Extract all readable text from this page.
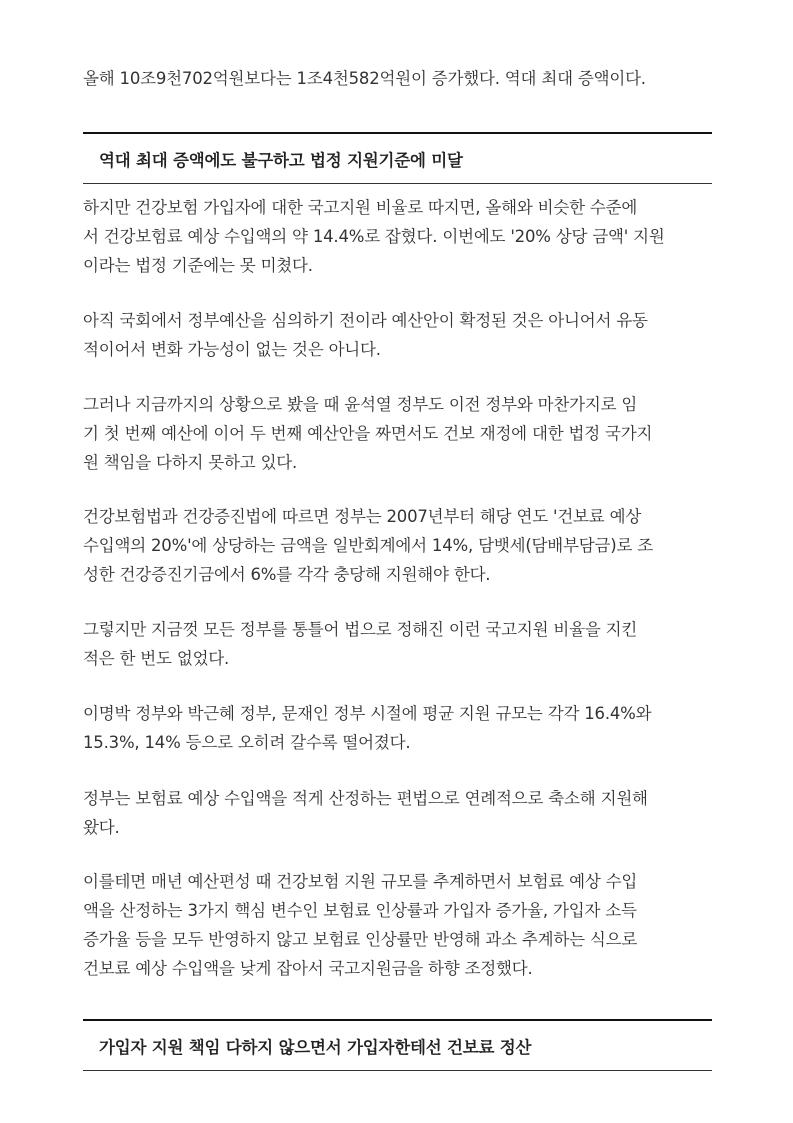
올해 10조9천702억원보다는 1조4천582억원이 증가했다. 역대 최대 증액이다.

역대 최대 증액에도 불구하고 법정 지원기준에 미달

하지만 건강보험 가입자에 대한 국고지원 비율로 따지면, 올해와 비슷한 수준에
서 건강보험료 예상 수입액의 약 14.4%로 잡혔다. 이번에도 '20% 상당 금액' 지원
이라는 법정 기준에는 못 미쳤다.

아직 국회에서 정부예산을 심의하기 전이라 예산안이 확정된 것은 아니어서 유동
적이어서 변화 가능성이 없는 것은 아니다.

그러나 지금까지의 상황으로 봤을 때 윤석열 정부도 이전 정부와 마찬가지로 임
기 첫 번째 예산에 이어 두 번째 예산안을 짜면서도 건보 재정에 대한 법정 국가지
원 책임을 다하지 못하고 있다.

건강보험법과 건강증진법에 따르면 정부는 2007년부터 해당 연도 '건보료 예상
수입액의 20%'에 상당하는 금액을 일반회계에서 14%, 담뱃세(담배부담금)로 조
성한 건강증진기금에서 6%를 각각 충당해 지원해야 한다.

그렇지만 지금껏 모든 정부를 통틀어 법으로 정해진 이런 국고지원 비율을 지킨
적은 한 번도 없었다.

이명박 정부와 박근혜 정부, 문재인 정부 시절에 평균 지원 규모는 각각 16.4%와
15.3%, 14% 등으로 오히려 갈수록 떨어졌다.

정부는 보험료 예상 수입액을 적게 산정하는 편법으로 연례적으로 축소해 지원해
왔다.

이를테면 매년 예산편성 때 건강보험 지원 규모를 추계하면서 보험료 예상 수입
액을 산정하는 3가지 핵심 변수인 보험료 인상률과 가입자 증가율, 가입자 소득
증가율 등을 모두 반영하지 않고 보험료 인상률만 반영해 과소 추계하는 식으로
건보료 예상 수입액을 낮게 잡아서 국고지원금을 하향 조정했다.

가입자 지원 책임 다하지 않으면서 가입자한테선 건보료 정산
